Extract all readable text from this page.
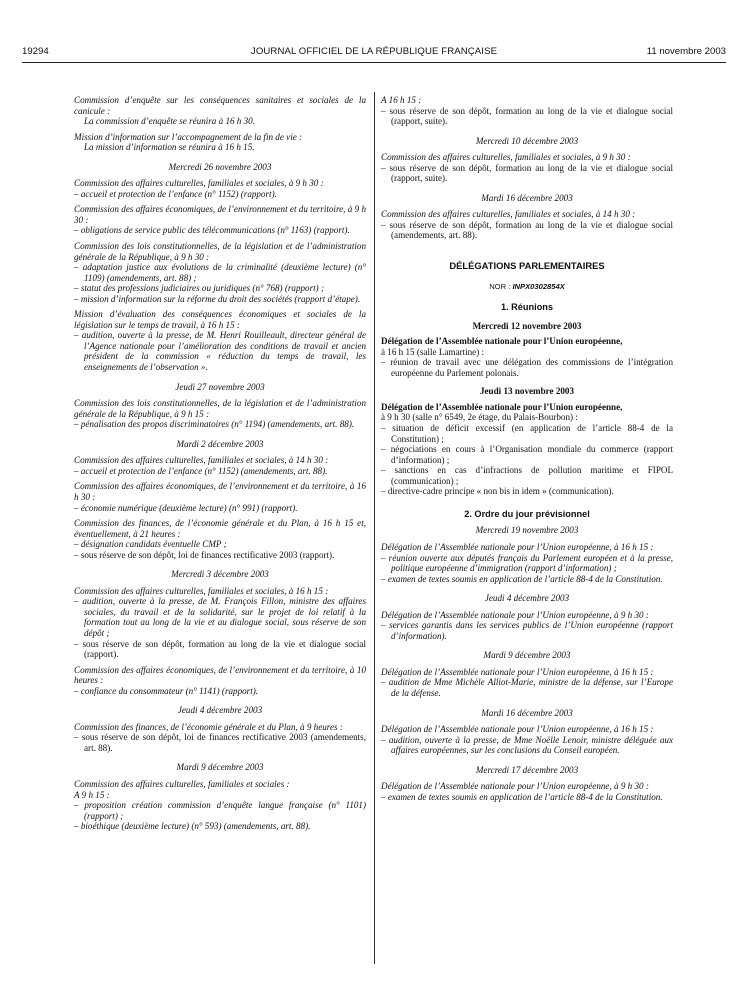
19294	JOURNAL OFFICIEL DE LA RÉPUBLIQUE FRANÇAISE	11 novembre 2003

Commission d’enquête sur les conséquences sanitaires et sociales de la canicule :

La commission d’enquête se réunira à 16 h 30.

Mission d’information sur l’accompagnement de la fin de vie :

La mission d’information se réunira à 16 h 15.

Mercredi 26 novembre 2003

Commission des affaires culturelles, familiales et sociales, à 9 h 30 :

– accueil et protection de l’enfance (n° 1152) (rapport).

Commission des affaires économiques, de l’environnement et du territoire, à 9 h 30 :

– obligations de service public des télécommunications (n° 1163) (rapport).

Commission des lois constitutionnelles, de la législation et de l’administration générale de la République, à 9 h 30 :

– adaptation justice aux évolutions de la criminalité (deuxième lecture) (n° 1109) (amendements, art. 88) ;

– statut des professions judiciaires ou juridiques (n° 768) (rapport) ;

– mission d’information sur la réforme du droit des sociétés (rapport d’étape).

Mission d’évaluation des conséquences économiques et sociales de la législation sur le temps de travail, à 16 h 15 :

– audition, ouverte à la presse, de M. Henri Rouilleault, directeur général de l’Agence nationale pour l’amélioration des conditions de travail et ancien président de la commission « réduction du temps de travail, les enseignements de l’observation ».

Jeudi 27 novembre 2003

Commission des lois constitutionnelles, de la législation et de l’administration générale de la République, à 9 h 15 :

– pénalisation des propos discriminatoires (n° 1194) (amendements, art. 88).

Mardi 2 décembre 2003

Commission des affaires culturelles, familiales et sociales, à 14 h 30 :

– accueil et protection de l’enfance (n° 1152) (amendements, art. 88).

Commission des affaires économiques, de l’environnement et du territoire, à 16 h 30 :

– économie numérique (deuxième lecture) (n° 991) (rapport).

Commission des finances, de l’économie générale et du Plan, à 16 h 15 et, éventuellement, à 21 heures :

– désignation candidats éventuelle CMP ;

– sous réserve de son dépôt, loi de finances rectificative 2003 (rapport).

Mercredi 3 décembre 2003

Commission des affaires culturelles, familiales et sociales, à 16 h 15 :

– audition, ouverte à la presse, de M. François Fillon, ministre des affaires sociales, du travail et de la solidarité, sur le projet de loi relatif à la formation tout au long de la vie et au dialogue social, sous réserve de son dépôt ;

– sous réserve de son dépôt, formation au long de la vie et dialogue social (rapport).

Commission des affaires économiques, de l’environnement et du territoire, à 10 heures :

– confiance du consommateur (n° 1141) (rapport).

Jeudi 4 décembre 2003

Commission des finances, de l’économie générale et du Plan, à 9 heures :

– sous réserve de son dépôt, loi de finances rectificative 2003 (amendements, art. 88).

Mardi 9 décembre 2003

Commission des affaires culturelles, familiales et sociales :

A 9 h 15 :

– proposition création commission d’enquête langue française (n° 1101) (rapport) ;

– bioéthique (deuxième lecture) (n° 593) (amendements, art. 88).

A 16 h 15 :

– sous réserve de son dépôt, formation au long de la vie et dialogue social (rapport, suite).

Mercredi 10 décembre 2003

Commission des affaires culturelles, familiales et sociales, à 9 h 30 :

– sous réserve de son dépôt, formation au long de la vie et dialogue social (rapport, suite).

Mardi 16 décembre 2003

Commission des affaires culturelles, familiales et sociales, à 14 h 30 :

– sous réserve de son dépôt, formation au long de la vie et dialogue social (amendements, art. 88).

DÉLÉGATIONS PARLEMENTAIRES

NOR : INPX0302854X

1. Réunions

Mercredi 12 novembre 2003

Délégation de l’Assemblée nationale pour l’Union européenne,

à 16 h 15 (salle Lamartine) :

– réunion de travail avec une délégation des commissions de l’intégration européenne du Parlement polonais.

Jeudi 13 novembre 2003

Délégation de l’Assemblée nationale pour l’Union européenne,

à 9 h 30 (salle n° 6549, 2e étage, du Palais-Bourbon) :

– situation de déficit excessif (en application de l’article 88-4 de la Constitution) ;

– négociations en cours à l’Organisation mondiale du commerce (rapport d’information) ;

– sanctions en cas d’infractions de pollution maritime et FIPOL (communication) ;

– directive-cadre principe « non bis in idem » (communication).

2. Ordre du jour prévisionnel

Mercredi 19 novembre 2003

Délégation de l’Assemblée nationale pour l’Union européenne, à 16 h 15 :

– réunion ouverte aux députés français du Parlement européen et à la presse, politique européenne d’immigration (rapport d’information) ;

– examen de textes soumis en application de l’article 88-4 de la Constitution.

Jeudi 4 décembre 2003

Délégation de l’Assemblée nationale pour l’Union européenne, à 9 h 30 :

– services garantis dans les services publics de l’Union européenne (rapport d’information).

Mardi 9 décembre 2003

Délégation de l’Assemblée nationale pour l’Union européenne, à 16 h 15 :

– audition de Mme Michèle Alliot-Marie, ministre de la défense, sur l’Europe de la défense.

Mardi 16 décembre 2003

Délégation de l’Assemblée nationale pour l’Union européenne, à 16 h 15 :

– audition, ouverte à la presse, de Mme Noëlle Lenoir, ministre déléguée aux affaires européennes, sur les conclusions du Conseil européen.

Mercredi 17 décembre 2003

Délégation de l’Assemblée nationale pour l’Union européenne, à 9 h 30 :

– examen de textes soumis en application de l’article 88-4 de la Constitution.
